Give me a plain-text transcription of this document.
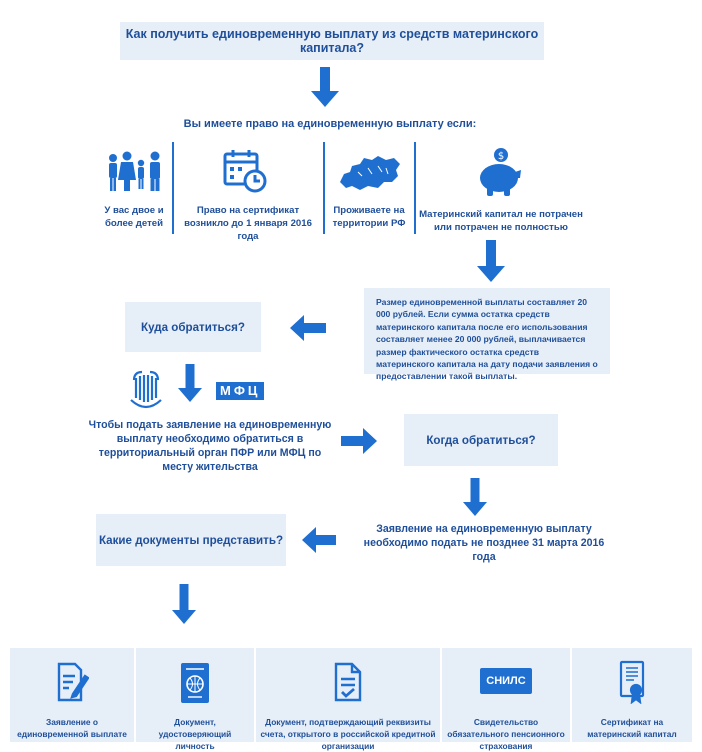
Как получить единовременную выплату из средств материнского капитала?
Вы имеете право на единовременную выплату если:
У вас двое и более детей
Право на сертификат возникло до 1 января 2016 года
Проживаете на территории РФ
$
Материнский капитал не потрачен или потрачен не полностью
Размер единовременной выплаты составляет 20 000 рублей. Если сумма остатка средств материнского капитала после его использования составляет менее 20 000 рублей, выплачивается размер фактического остатка средств материнского капитала на дату подачи заявления о предоставлении такой выплаты.
Куда обратиться?
МФЦ
Чтобы подать заявление на единовременную выплату необходимо обратиться в территориальный орган ПФР или МФЦ по месту жительства
Когда обратиться?
Заявление на единовременную выплату необходимо подать не позднее 31 марта 2016 года
Какие документы представить?
Заявление о единовременной выплате
Документ, удостоверяющий личность
Документ, подтверждающий реквизиты счета, открытого в российской кредитной организации
СНИЛС
Свидетельство обязательного пенсионного страхования
Сертификат на материнский капитал
